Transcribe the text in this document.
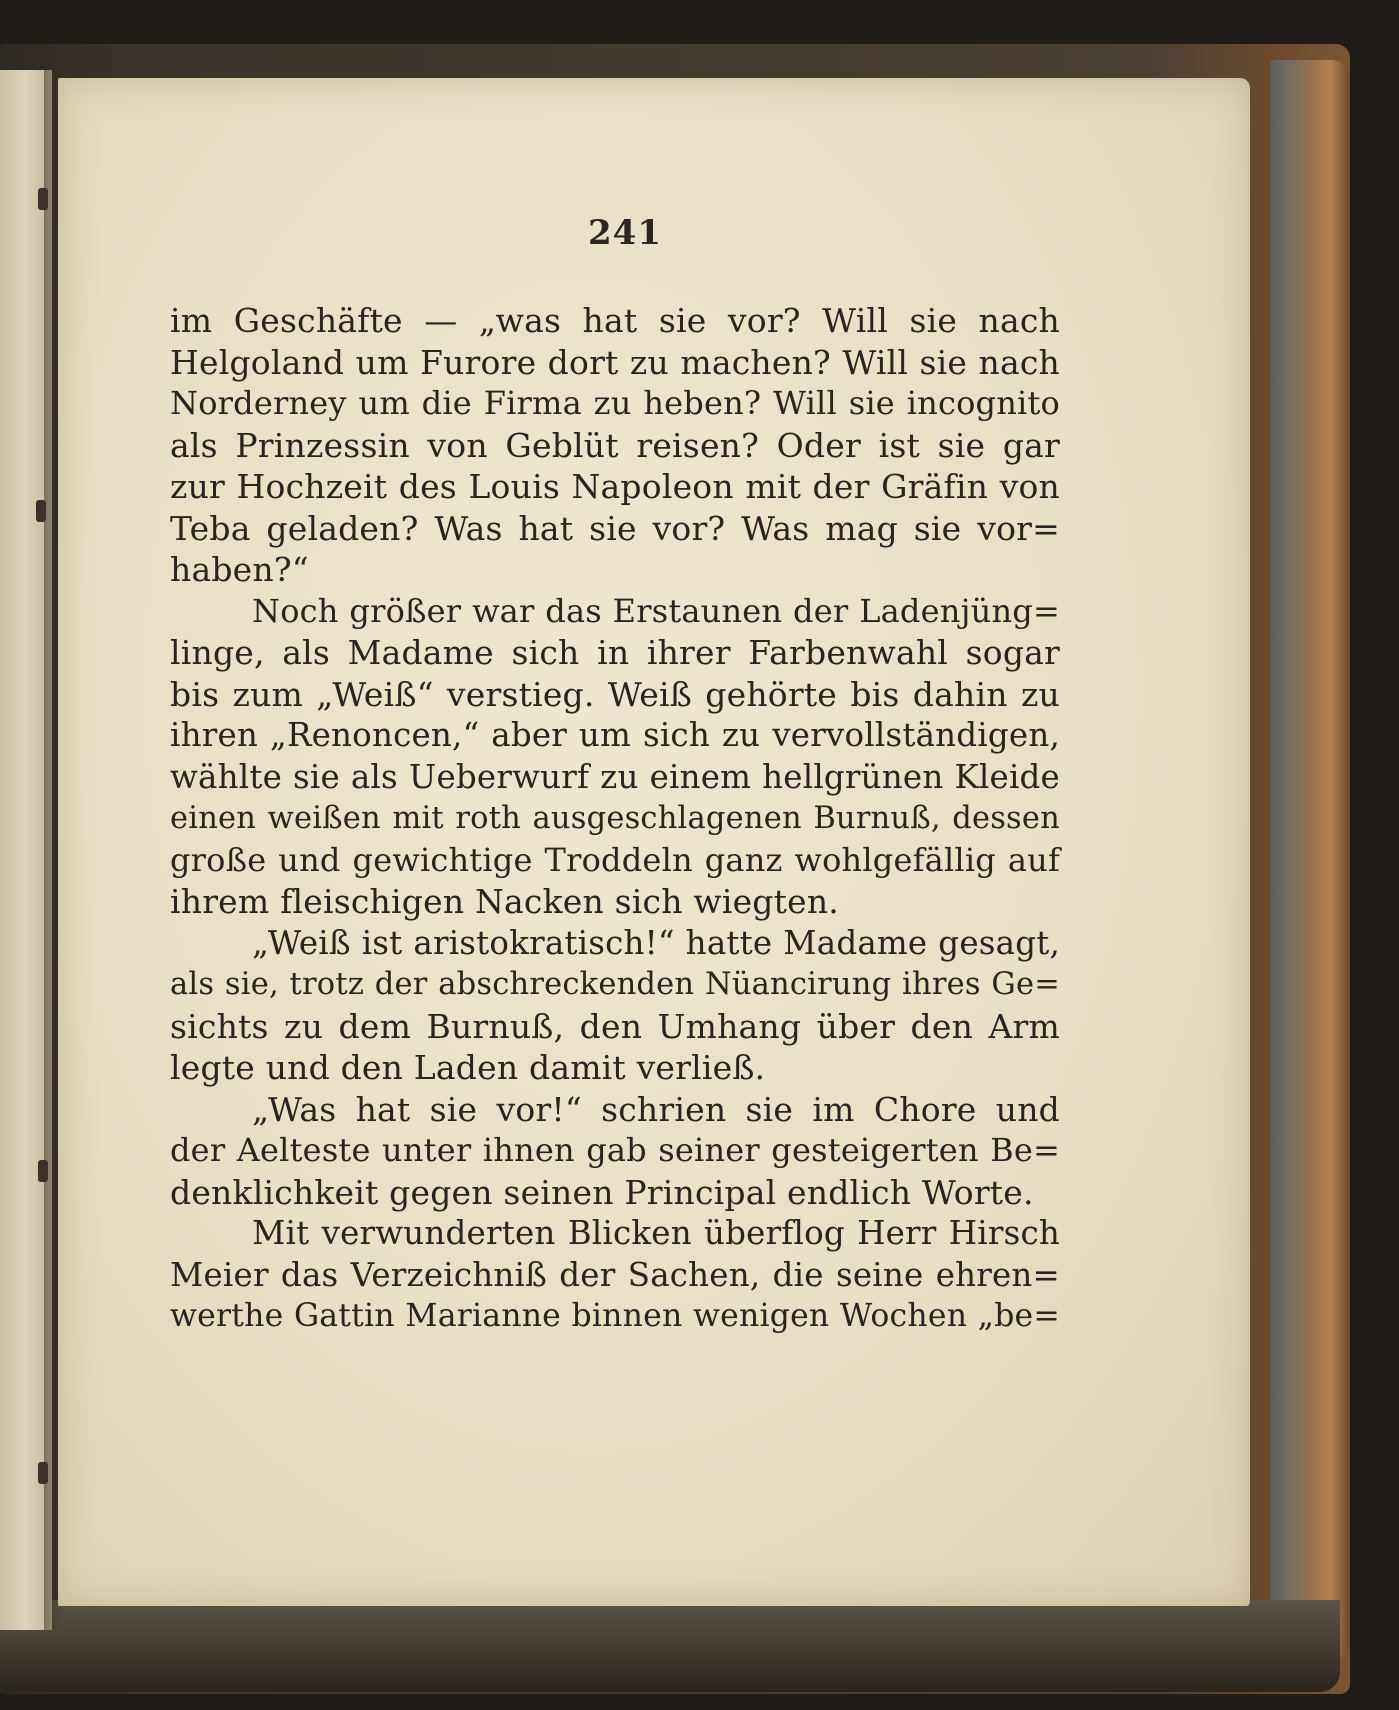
241
im Geschäfte — „was hat sie vor? Will sie nach
Helgoland um Furore dort zu machen? Will sie nach
Norderney um die Firma zu heben? Will sie incognito
als Prinzessin von Geblüt reisen? Oder ist sie gar
zur Hochzeit des Louis Napoleon mit der Gräfin von
Teba geladen? Was hat sie vor? Was mag sie vor=
haben?“
Noch größer war das Erstaunen der Ladenjüng=
linge, als Madame sich in ihrer Farbenwahl sogar
bis zum „Weiß“ verstieg. Weiß gehörte bis dahin zu
ihren „Renoncen,“ aber um sich zu vervollständigen,
wählte sie als Ueberwurf zu einem hellgrünen Kleide
einen weißen mit roth ausgeschlagenen Burnuß, dessen
große und gewichtige Troddeln ganz wohlgefällig auf
ihrem fleischigen Nacken sich wiegten.
„Weiß ist aristokratisch!“ hatte Madame gesagt,
als sie, trotz der abschreckenden Nüancirung ihres Ge=
sichts zu dem Burnuß, den Umhang über den Arm
legte und den Laden damit verließ.
„Was hat sie vor!“ schrien sie im Chore und
der Aelteste unter ihnen gab seiner gesteigerten Be=
denklichkeit gegen seinen Principal endlich Worte.
Mit verwunderten Blicken überflog Herr Hirsch
Meier das Verzeichniß der Sachen, die seine ehren=
werthe Gattin Marianne binnen wenigen Wochen „be=
